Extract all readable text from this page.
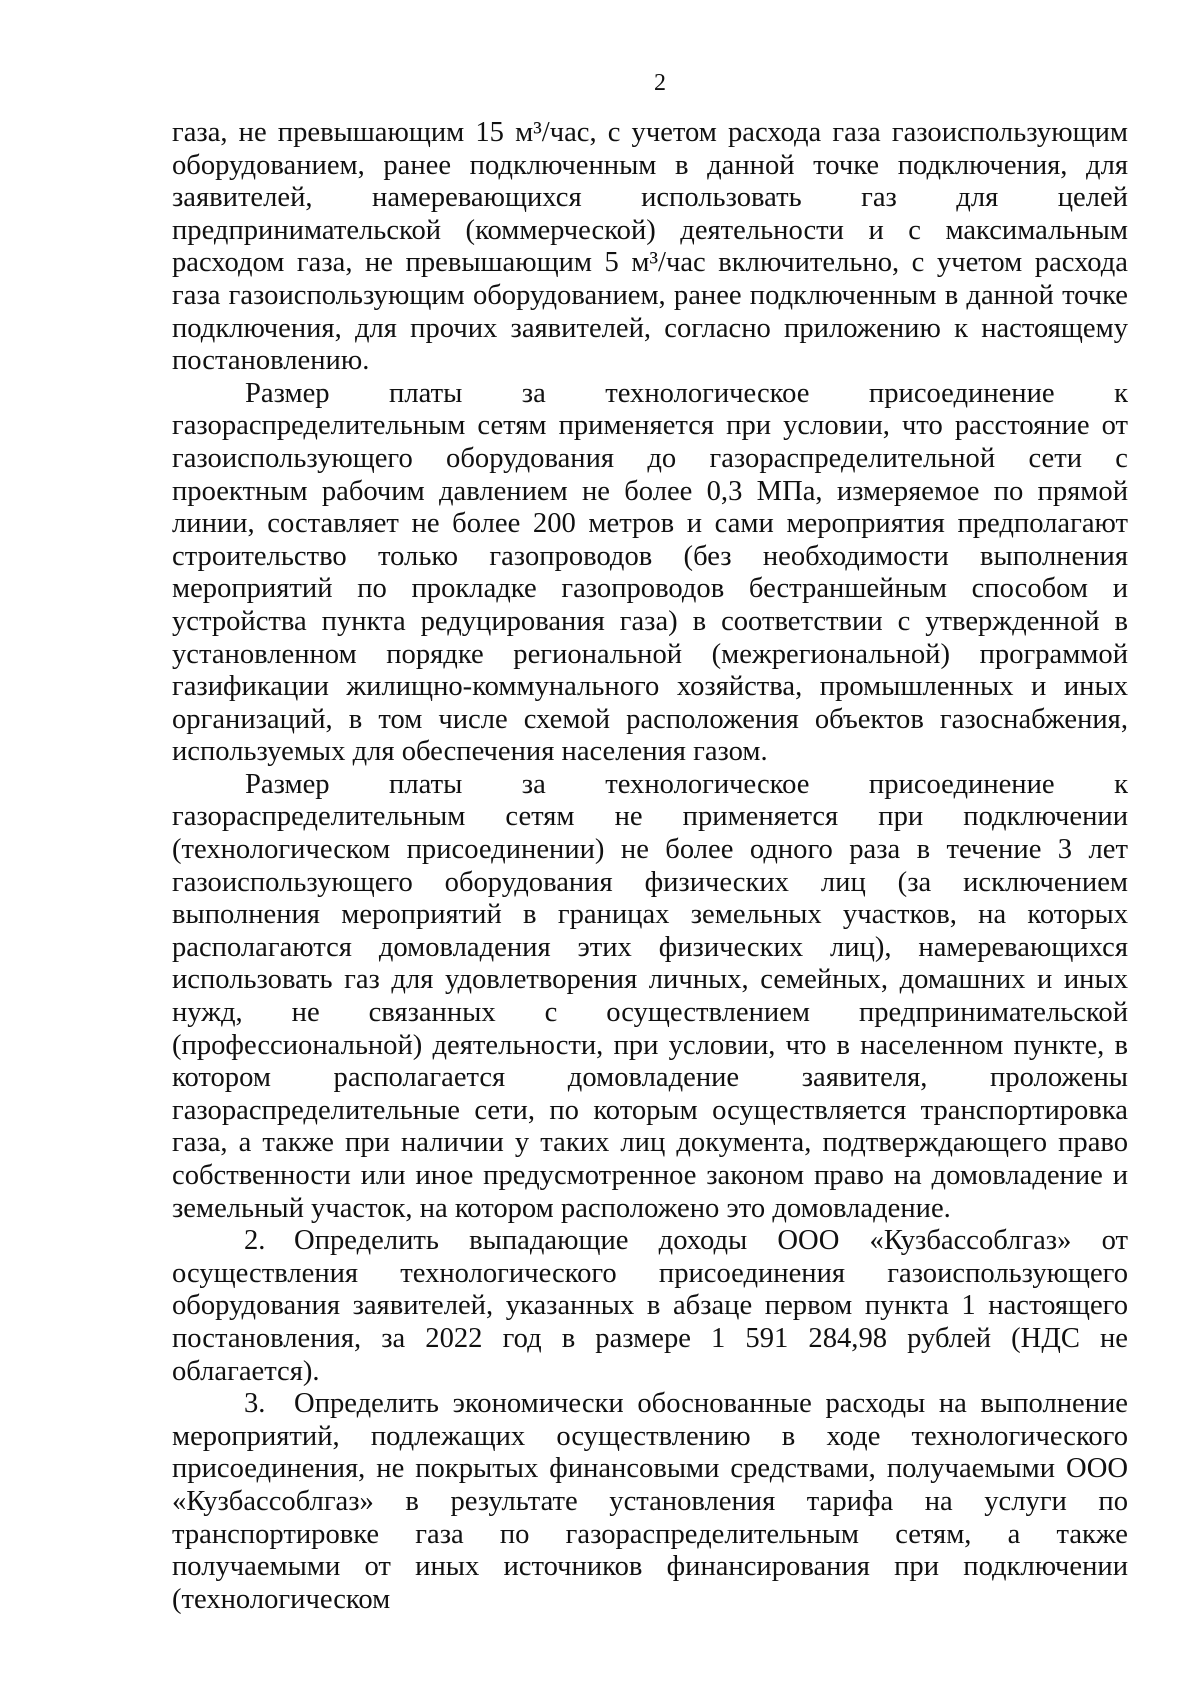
2

газа, не превышающим 15 м³/час, с учетом расхода газа газоиспользующим оборудованием, ранее подключенным в данной точке подключения, для заявителей, намеревающихся использовать газ для целей предпринимательской (коммерческой) деятельности и с максимальным расходом газа, не превышающим 5 м³/час включительно, с учетом расхода газа газоиспользующим оборудованием, ранее подключенным в данной точке подключения, для прочих заявителей, согласно приложению к настоящему постановлению.

Размер платы за технологическое присоединение к газораспределительным сетям применяется при условии, что расстояние от газоиспользующего оборудования до газораспределительной сети с проектным рабочим давлением не более 0,3 МПа, измеряемое по прямой линии, составляет не более 200 метров и сами мероприятия предполагают строительство только газопроводов (без необходимости выполнения мероприятий по прокладке газопроводов бестраншейным способом и устройства пункта редуцирования газа) в соответствии с утвержденной в установленном порядке региональной (межрегиональной) программой газификации жилищно-коммунального хозяйства, промышленных и иных организаций, в том числе схемой расположения объектов газоснабжения, используемых для обеспечения населения газом.

Размер платы за технологическое присоединение к газораспределительным сетям не применяется при подключении (технологическом присоединении) не более одного раза в течение 3 лет газоиспользующего оборудования физических лиц (за исключением выполнения мероприятий в границах земельных участков, на которых располагаются домовладения этих физических лиц), намеревающихся использовать газ для удовлетворения личных, семейных, домашних и иных нужд, не связанных с осуществлением предпринимательской (профессиональной) деятельности, при условии, что в населенном пункте, в котором располагается домовладение заявителя, проложены газораспределительные сети, по которым осуществляется транспортировка газа, а также при наличии у таких лиц документа, подтверждающего право собственности или иное предусмотренное законом право на домовладение и земельный участок, на котором расположено это домовладение.

2. Определить выпадающие доходы ООО «Кузбассоблгаз» от осуществления технологического присоединения газоиспользующего оборудования заявителей, указанных в абзаце первом пункта 1 настоящего постановления, за 2022 год в размере 1 591 284,98 рублей (НДС не облагается).

3. Определить экономически обоснованные расходы на выполнение мероприятий, подлежащих осуществлению в ходе технологического присоединения, не покрытых финансовыми средствами, получаемыми ООО «Кузбассоблгаз» в результате установления тарифа на услуги по транспортировке газа по газораспределительным сетям, а также получаемыми от иных источников финансирования при подключении (технологическом
